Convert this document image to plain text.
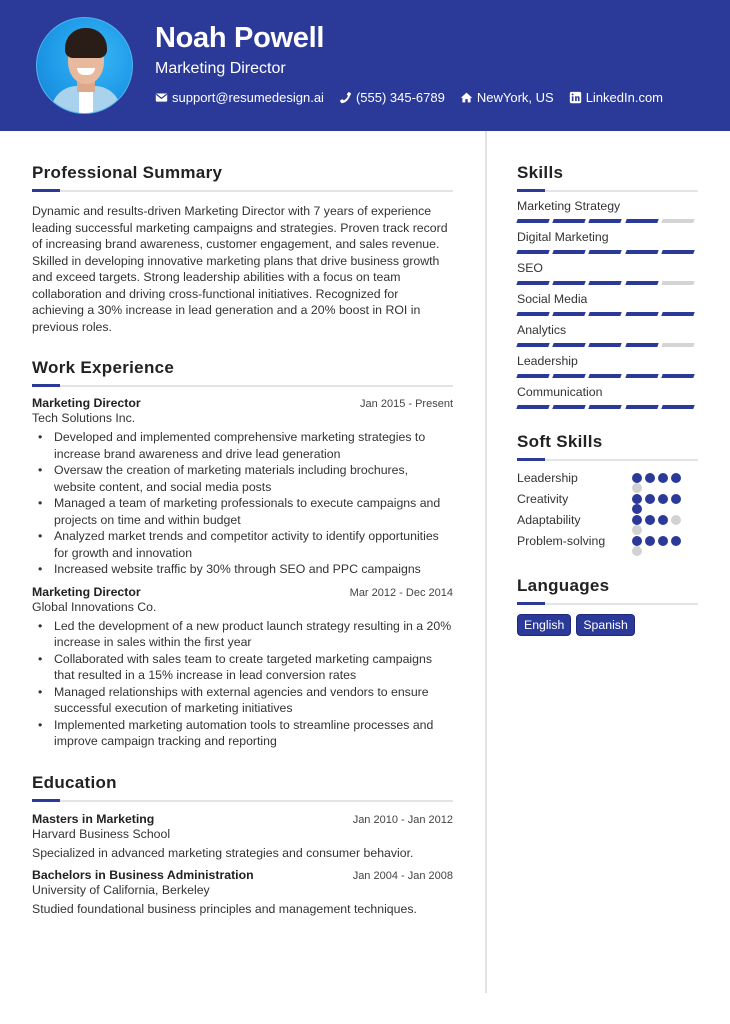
Noah Powell
Marketing Director
support@resumedesign.ai (555) 345-6789 NewYork, US LinkedIn.com
Professional Summary

Dynamic and results-driven Marketing Director with 7 years of experience leading successful marketing campaigns and strategies. Proven track record of increasing brand awareness, customer engagement, and sales revenue. Skilled in developing innovative marketing plans that drive business growth and exceed targets. Strong leadership abilities with a focus on team collaboration and driving cross-functional initiatives. Recognized for achieving a 30% increase in lead generation and a 20% boost in ROI in previous roles.

Work Experience
Marketing Director	Jan 2015 - Present
Tech Solutions Inc.
• Developed and implemented comprehensive marketing strategies to increase brand awareness and drive lead generation
• Oversaw the creation of marketing materials including brochures, website content, and social media posts
• Managed a team of marketing professionals to execute campaigns and projects on time and within budget
• Analyzed market trends and competitor activity to identify opportunities for growth and innovation
• Increased website traffic by 30% through SEO and PPC campaigns
Marketing Director	Mar 2012 - Dec 2014
Global Innovations Co.
• Led the development of a new product launch strategy resulting in a 20% increase in sales within the first year
• Collaborated with sales team to create targeted marketing campaigns that resulted in a 15% increase in lead conversion rates
• Managed relationships with external agencies and vendors to ensure successful execution of marketing initiatives
• Implemented marketing automation tools to streamline processes and improve campaign tracking and reporting
Education
Masters in Marketing	Jan 2010 - Jan 2012
Harvard Business School
Specialized in advanced marketing strategies and consumer behavior.
Bachelors in Business Administration	Jan 2004 - Jan 2008
University of California, Berkeley
Studied foundational business principles and management techniques.
Skills
Marketing Strategy
Digital Marketing
SEO
Social Media
Analytics
Leadership
Communication
Soft Skills
Leadership
Creativity
Adaptability
Problem-solving
Languages
English	Spanish
